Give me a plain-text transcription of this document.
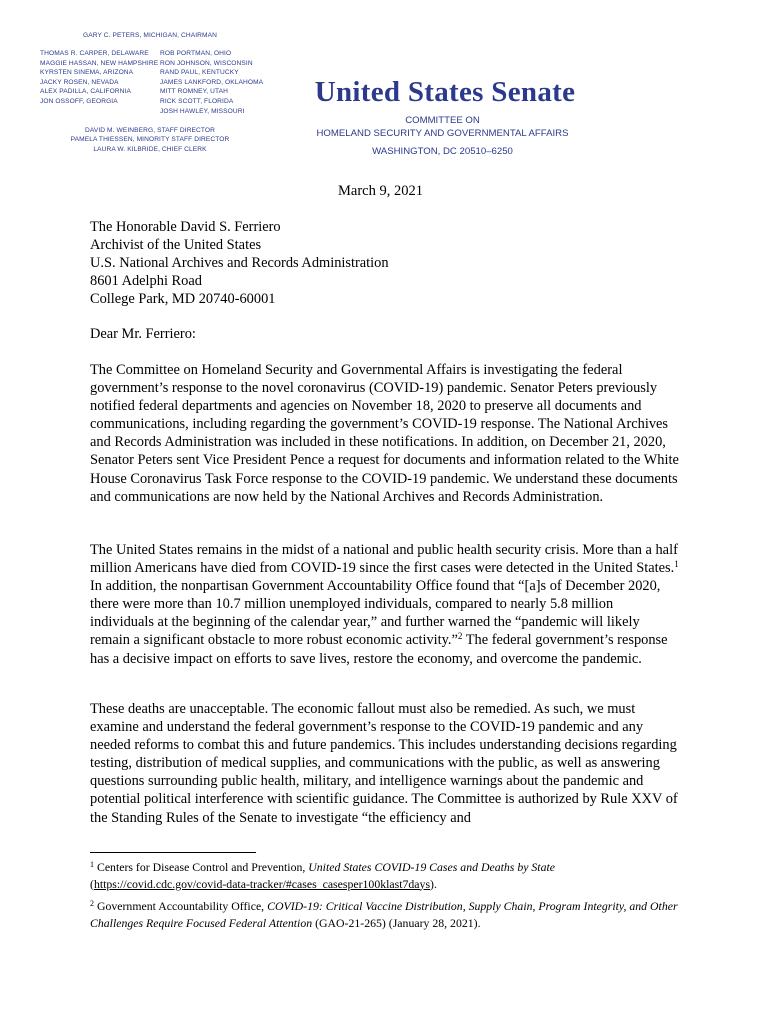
GARY C. PETERS, MICHIGAN, CHAIRMAN
THOMAS R. CARPER, DELAWARE
MAGGIE HASSAN, NEW HAMPSHIRE
KYRSTEN SINEMA, ARIZONA
JACKY ROSEN, NEVADA
ALEX PADILLA, CALIFORNIA
JON OSSOFF, GEORGIA
ROB PORTMAN, OHIO
RON JOHNSON, WISCONSIN
RAND PAUL, KENTUCKY
JAMES LANKFORD, OKLAHOMA
MITT ROMNEY, UTAH
RICK SCOTT, FLORIDA
JOSH HAWLEY, MISSOURI
DAVID M. WEINBERG, STAFF DIRECTOR
PAMELA THIESSEN, MINORITY STAFF DIRECTOR
LAURA W. KILBRIDE, CHIEF CLERK
United States Senate
COMMITTEE ON
HOMELAND SECURITY AND GOVERNMENTAL AFFAIRS
WASHINGTON, DC 20510–6250
March 9, 2021
The Honorable David S. Ferriero
Archivist of the United States
U.S. National Archives and Records Administration
8601 Adelphi Road
College Park, MD 20740-60001
Dear Mr. Ferriero:
The Committee on Homeland Security and Governmental Affairs is investigating the federal government’s response to the novel coronavirus (COVID-19) pandemic. Senator Peters previously notified federal departments and agencies on November 18, 2020 to preserve all documents and communications, including regarding the government’s COVID-19 response. The National Archives and Records Administration was included in these notifications. In addition, on December 21, 2020, Senator Peters sent Vice President Pence a request for documents and information related to the White House Coronavirus Task Force response to the COVID-19 pandemic. We understand these documents and communications are now held by the National Archives and Records Administration.
The United States remains in the midst of a national and public health security crisis. More than a half million Americans have died from COVID-19 since the first cases were detected in the United States.$^1$ In addition, the nonpartisan Government Accountability Office found that “[a]s of December 2020, there were more than 10.7 million unemployed individuals, compared to nearly 5.8 million individuals at the beginning of the calendar year,” and further warned the “pandemic will likely remain a significant obstacle to more robust economic activity.”$^2$ The federal government’s response has a decisive impact on efforts to save lives, restore the economy, and overcome the pandemic.
These deaths are unacceptable. The economic fallout must also be remedied. As such, we must examine and understand the federal government’s response to the COVID-19 pandemic and any needed reforms to combat this and future pandemics. This includes understanding decisions regarding testing, distribution of medical supplies, and communications with the public, as well as answering questions surrounding public health, military, and intelligence warnings about the pandemic and potential political interference with scientific guidance. The Committee is authorized by Rule XXV of the Standing Rules of the Senate to investigate “the efficiency and
$^1$ Centers for Disease Control and Prevention, United States COVID-19 Cases and Deaths by State
(https://covid.cdc.gov/covid-data-tracker/#cases_casesper100klast7days).
$^2$ Government Accountability Office, COVID-19: Critical Vaccine Distribution, Supply Chain, Program Integrity, and Other Challenges Require Focused Federal Attention (GAO-21-265) (January 28, 2021).
